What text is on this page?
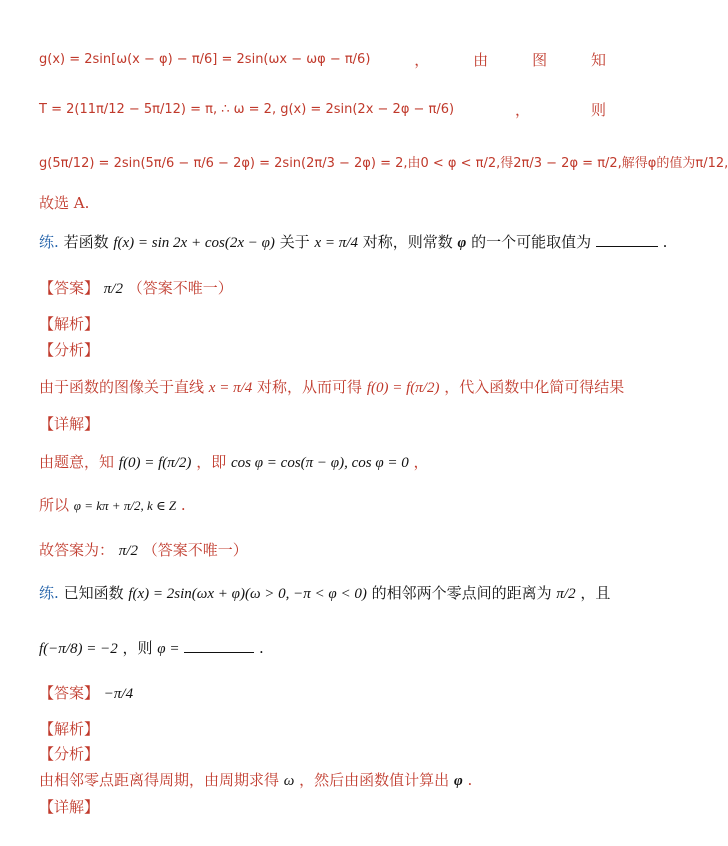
g(x) = 2sin[ω(x − φ) − π/6] = 2sin(ωx − ωφ − π/6)	，	由	图	知
T = 2(11π/12 − 5π/12) = π, ∴ ω = 2, g(x) = 2sin(2x − 2φ − π/6)	，	则
g(5π/12) = 2sin(5π/6 − π/6 − 2φ) = 2sin(2π/3 − 2φ) = 2,由0 < φ < π/2,得2π/3 − 2φ = π/2,解得φ的值为π/12,
故选 A.
练. 若函数 f(x) = sin 2x + cos(2x − φ) 关于 x = π/4 对称，则常数 φ 的一个可能取值为	.
【答案】 π/2 （答案不唯一）
【解析】
【分析】
由于函数的图像关于直线 x = π/4 对称，从而可得 f(0) = f(π/2) ，代入函数中化简可得结果
【详解】
由题意，知 f(0) = f(π/2) ，即 cos φ = cos(π − φ), cos φ = 0 ，
所以 φ = kπ + π/2, k ∈ Z .
故答案为： π/2 （答案不唯一）
练. 已知函数 f(x) = 2sin(ωx + φ)(ω > 0, −π < φ < 0) 的相邻两个零点间的距离为 π/2 ，且
f(−π/8) = −2 ，则 φ =	.
【答案】 −π/4
【解析】
【分析】
由相邻零点距离得周期，由周期求得 ω ，然后由函数值计算出 φ .
【详解】
